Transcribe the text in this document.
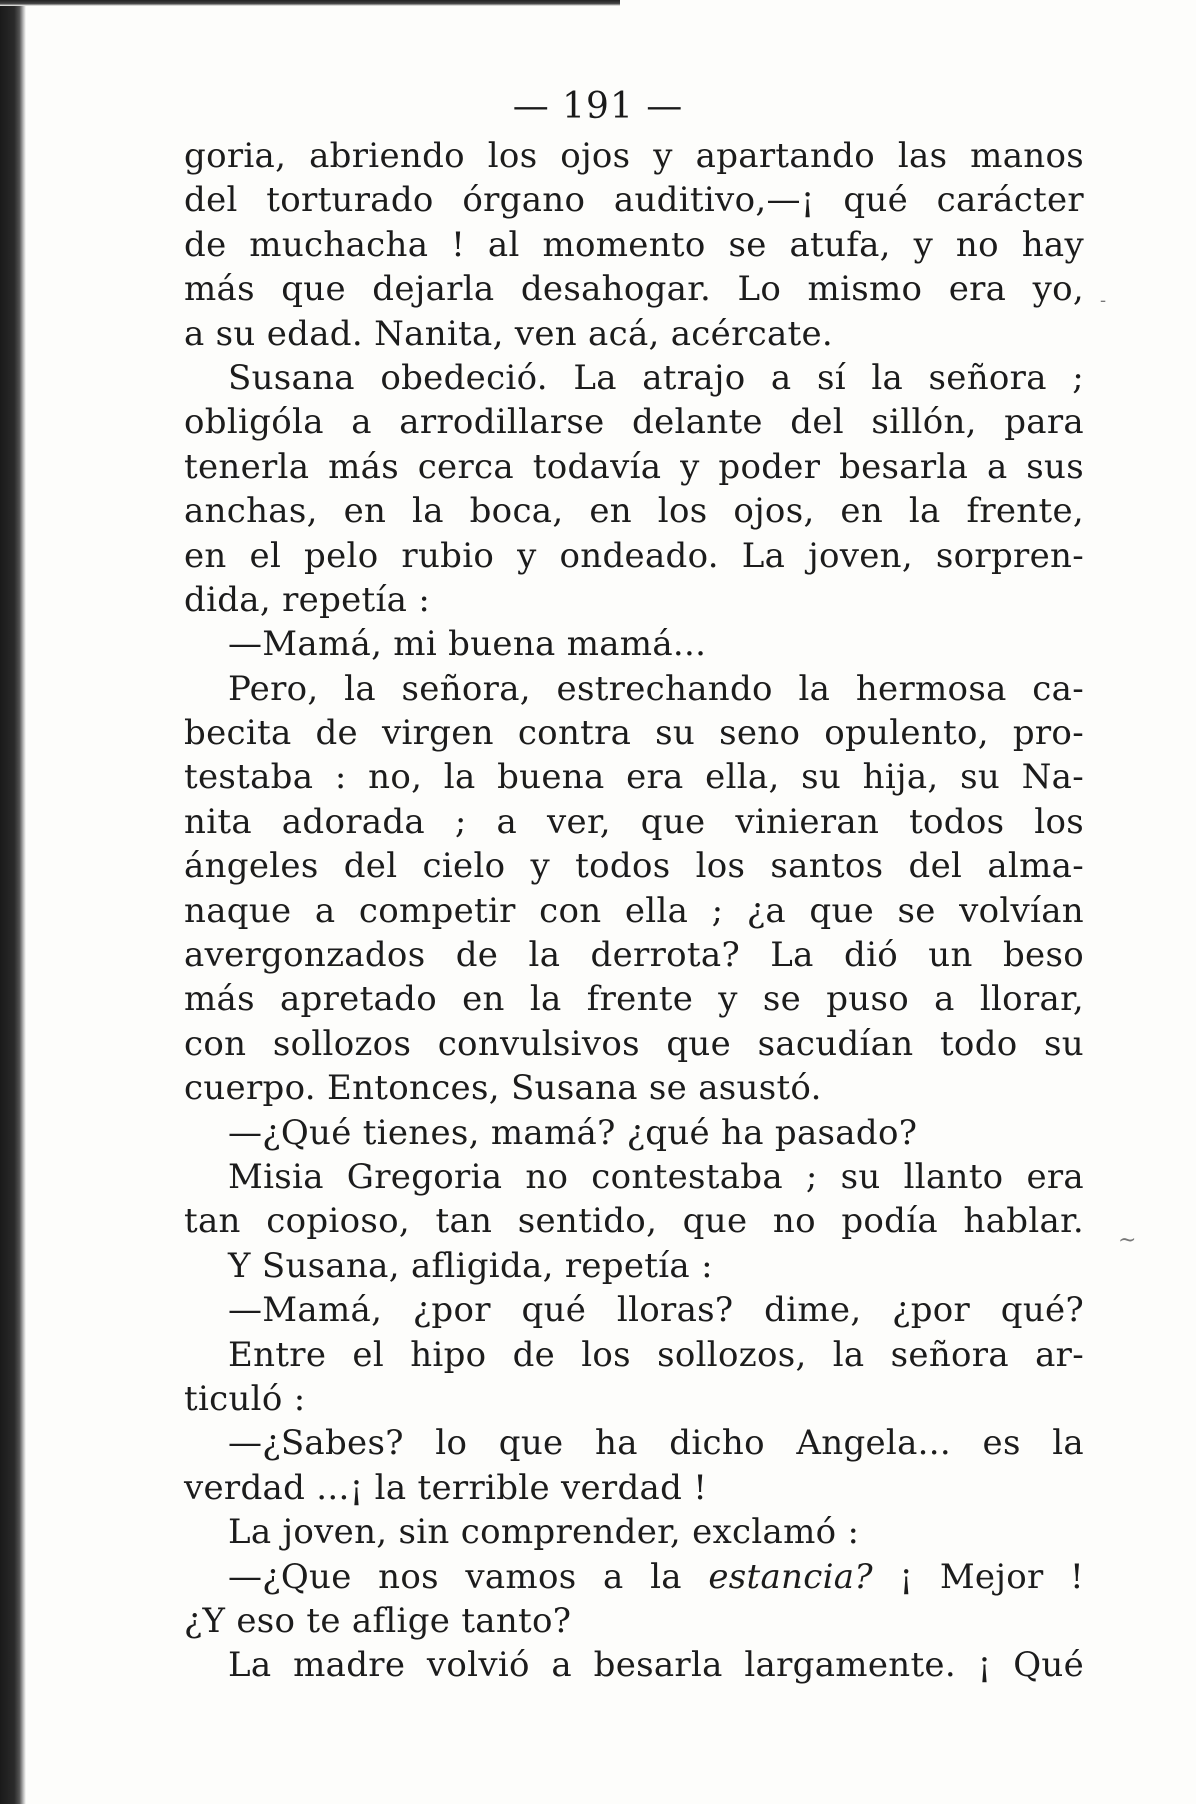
— 191 —
goria, abriendo los ojos y apartando las manos
del torturado órgano auditivo,—¡ qué carácter
de muchacha ! al momento se atufa, y no hay
más que dejarla desahogar. Lo mismo era yo,
a su edad. Nanita, ven acá, acércate.
Susana obedeció. La atrajo a sí la señora ;
obligóla a arrodillarse delante del sillón, para
tenerla más cerca todavía y poder besarla a sus
anchas, en la boca, en los ojos, en la frente,
en el pelo rubio y ondeado. La joven, sorpren-
dida, repetía :
—Mamá, mi buena mamá...
Pero, la señora, estrechando la hermosa ca-
becita de virgen contra su seno opulento, pro-
testaba : no, la buena era ella, su hija, su Na-
nita adorada ; a ver, que vinieran todos los
ángeles del cielo y todos los santos del alma-
naque a competir con ella ; ¿a que se volvían
avergonzados de la derrota? La dió un beso
más apretado en la frente y se puso a llorar,
con sollozos convulsivos que sacudían todo su
cuerpo. Entonces, Susana se asustó.
—¿Qué tienes, mamá? ¿qué ha pasado?
Misia Gregoria no contestaba ; su llanto era
tan copioso, tan sentido, que no podía hablar.
Y Susana, afligida, repetía :
—Mamá, ¿por qué lloras? dime, ¿por qué?
Entre el hipo de los sollozos, la señora ar-
ticuló :
—¿Sabes? lo que ha dicho Angela... es la
verdad ...¡ la terrible verdad !
La joven, sin comprender, exclamó :
—¿Que nos vamos a la estancia? ¡ Mejor !
¿Y eso te aflige tanto?
La madre volvió a besarla largamente. ¡ Qué
-
~
